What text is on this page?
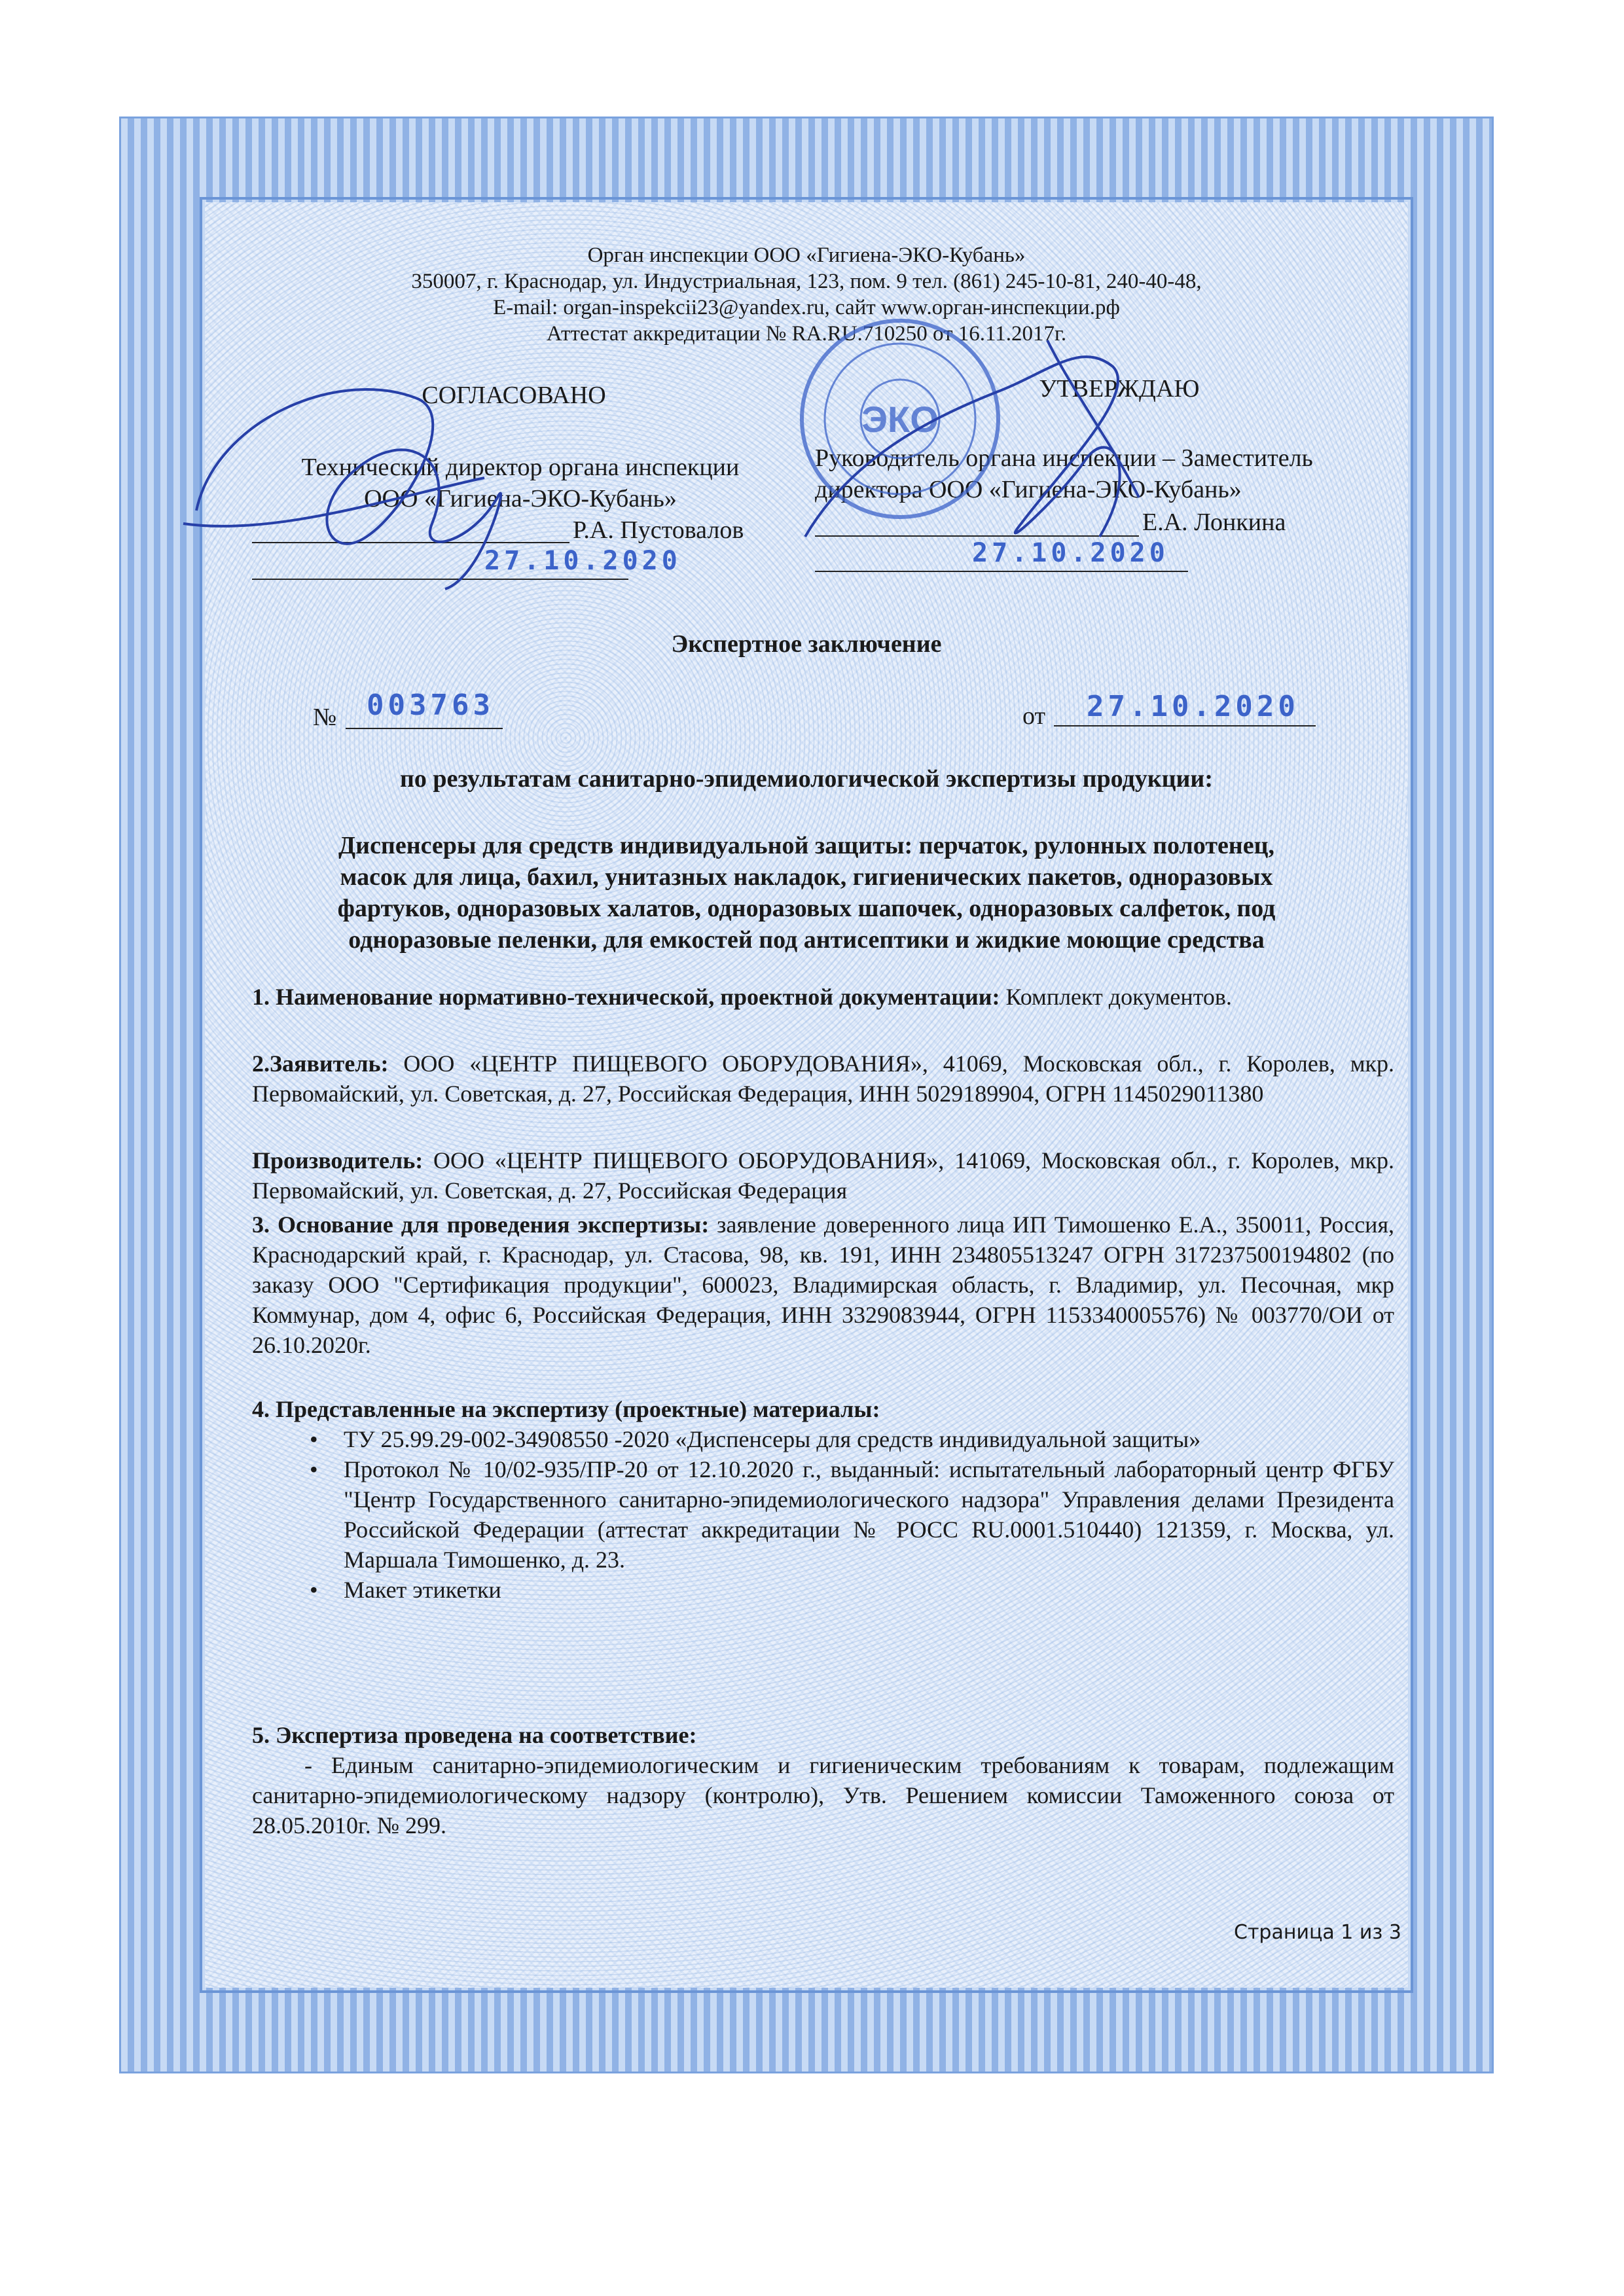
Орган инспекции ООО «Гигиена-ЭКО-Кубань»
350007, г. Краснодар, ул. Индустриальная, 123, пом. 9 тел. (861) 245-10-81, 240-40-48,
E-mail: organ-inspekcii23@yandex.ru, сайт www.орган-инспекции.рф
Аттестат аккредитации № RA.RU.710250 от 16.11.2017г.
СОГЛАСОВАНО
Технический директор органа инспекции
ООО «Гигиена-ЭКО-Кубань»
Р.А. Пустовалов
27.10.2020
УТВЕРЖДАЮ
Руководитель органа инспекции – Заместитель
директора ООО «Гигиена-ЭКО-Кубань»
Е.А. Лонкина
27.10.2020
ЭКО
Экспертное заключение
№ 003763	от 27.10.2020
по результатам санитарно-эпидемиологической экспертизы продукции:
Диспенсеры для средств индивидуальной защиты: перчаток, рулонных полотенец,
масок для лица, бахил, унитазных накладок, гигиенических пакетов, одноразовых
фартуков, одноразовых халатов, одноразовых шапочек, одноразовых салфеток, под
одноразовые пеленки, для емкостей под антисептики и жидкие моющие средства

1. Наименование нормативно-технической, проектной документации: Комплект документов.

2.Заявитель: ООО «ЦЕНТР ПИЩЕВОГО ОБОРУДОВАНИЯ», 41069, Московская обл., г. Королев, мкр. Первомайский, ул. Советская, д. 27, Российская Федерация, ИНН 5029189904, ОГРН 1145029011380

Производитель: ООО «ЦЕНТР ПИЩЕВОГО ОБОРУДОВАНИЯ», 141069, Московская обл., г. Королев, мкр. Первомайский, ул. Советская, д. 27, Российская Федерация

3. Основание для проведения экспертизы: заявление доверенного лица ИП Тимошенко Е.А., 350011, Россия, Краснодарский край, г. Краснодар, ул. Стасова, 98, кв. 191, ИНН 234805513247 ОГРН 317237500194802 (по заказу ООО "Сертификация продукции", 600023, Владимирская область, г. Владимир, ул. Песочная, мкр Коммунар, дом 4, офис 6, Российская Федерация, ИНН 3329083944, ОГРН 1153340005576) № 003770/ОИ от 26.10.2020г.

4. Представленные на экспертизу (проектные) материалы:

• ТУ 25.99.29-002-34908550 -2020 «Диспенсеры для средств индивидуальной защиты»
• Протокол № 10/02-935/ПР-20 от 12.10.2020 г., выданный: испытательный лабораторный центр ФГБУ "Центр Государственного санитарно-эпидемиологического надзора" Управления делами Президента Российской Федерации (аттестат аккредитации № РОСС RU.0001.510440) 121359, г. Москва, ул. Маршала Тимошенко, д. 23.
• Макет этикетки

5. Экспертиза проведена на соответствие:

- Единым санитарно-эпидемиологическим и гигиеническим требованиям к товарам, подлежащим санитарно-эпидемиологическому надзору (контролю), Утв. Решением комиссии Таможенного союза от 28.05.2010г. № 299.

Страница 1 из 3
